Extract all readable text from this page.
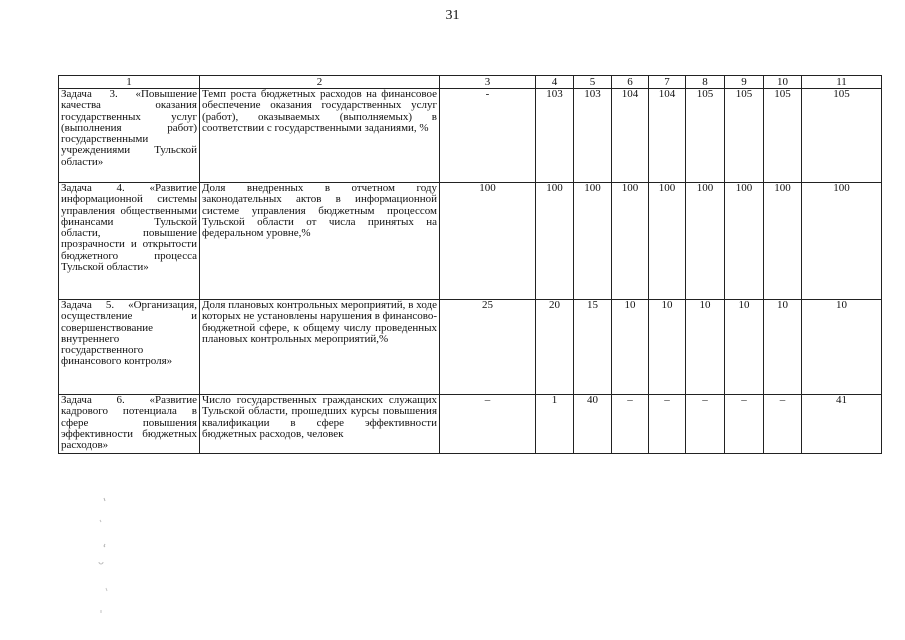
31
1	2	3	4	5	6	7	8	9	10	11
Задача 3. «Повышение качества оказания государственных услуг (выполнения работ) государственными учреждениями Тульской области»	Темп роста бюджетных расходов на финансовое обеспечение оказания государственных услуг (работ), оказываемых (выполняемых) в соответствии с государственными заданиями, %	-	103	103	104	104	105	105	105	105
Задача 4. «Развитие информационной системы управления общественными финансами Тульской области, повышение прозрачности и открытости бюджетного процесса Тульской области»	Доля внедренных в отчетном году законодательных актов в информационной системе управления бюджетным процессом Тульской области от числа принятых на федеральном уровне,%	100	100	100	100	100	100	100	100	100
Задача 5. «Организация, осуществление и совершенствование внутреннего государственного финансового контроля»	Доля плановых контрольных мероприятий, в ходе которых не установлены нарушения в финансово-бюджетной сфере, к общему числу проведенных плановых контрольных мероприятий,%	25	20	15	10	10	10	10	10	10
Задача 6. «Развитие кадрового потенциала в сфере повышения эффективности бюджетных расходов»	Число государственных гражданских служащих Тульской области, прошедших курсы повышения квалификации в сфере эффективности бюджетных расходов, человек	–	1	40	–	–	–	–	–	41
